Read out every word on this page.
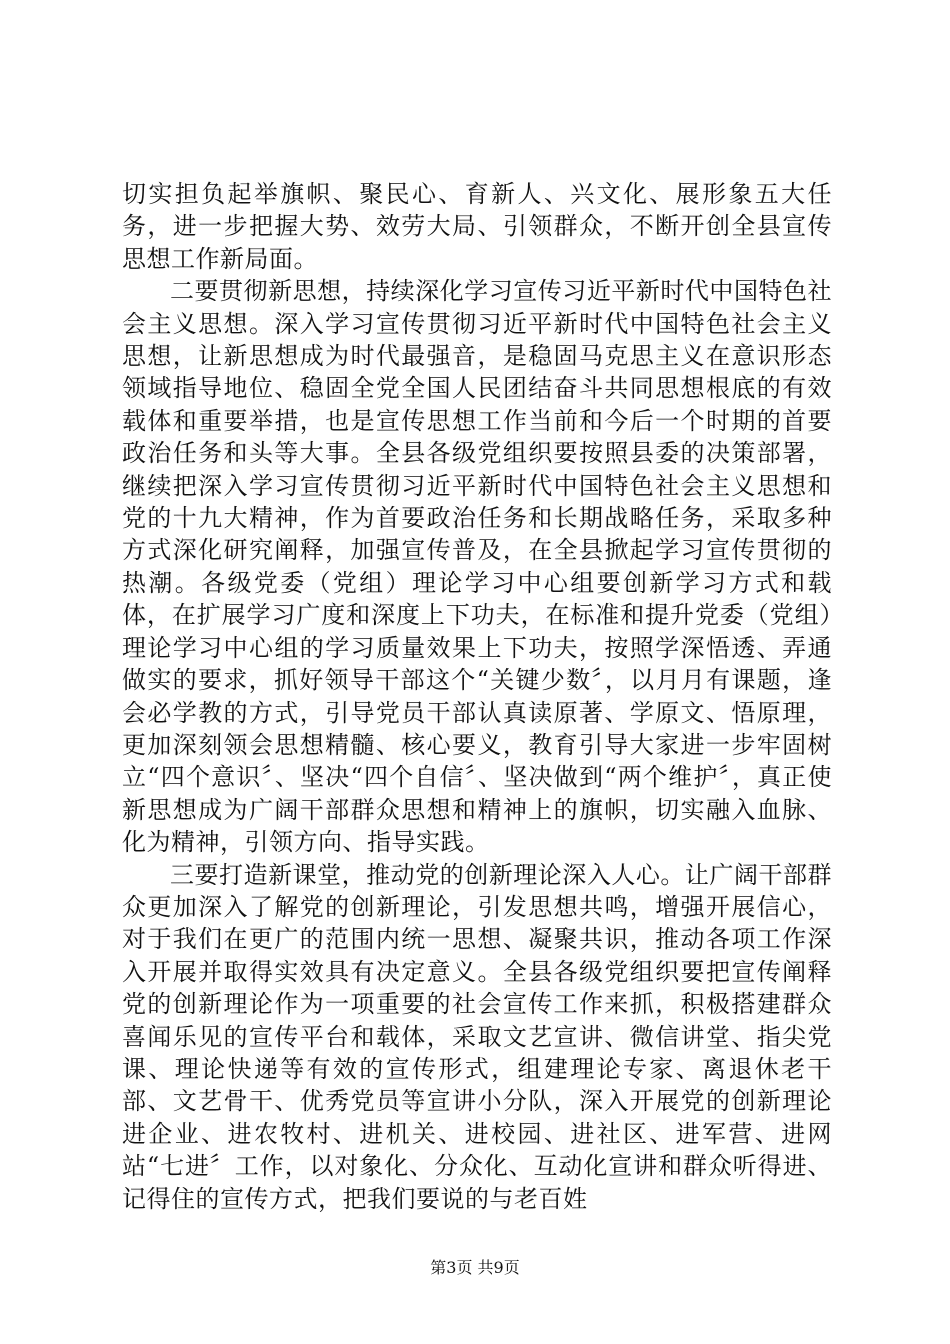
切实担负起举旗帜、聚民心、育新人、兴文化、展形象五大任务，进一步把握大势、效劳大局、引领群众，不断开创全县宣传思想工作新局面。

二要贯彻新思想，持续深化学习宣传习近平新时代中国特色社会主义思想。深入学习宣传贯彻习近平新时代中国特色社会主义思想，让新思想成为时代最强音，是稳固马克思主义在意识形态领域指导地位、稳固全党全国人民团结奋斗共同思想根底的有效载体和重要举措，也是宣传思想工作当前和今后一个时期的首要政治任务和头等大事。全县各级党组织要按照县委的决策部署，继续把深入学习宣传贯彻习近平新时代中国特色社会主义思想和党的十九大精神，作为首要政治任务和长期战略任务，采取多种方式深化研究阐释，加强宣传普及，在全县掀起学习宣传贯彻的热潮。各级党委（党组）理论学习中心组要创新学习方式和载体，在扩展学习广度和深度上下功夫，在标准和提升党委（党组）理论学习中心组的学习质量效果上下功夫，按照学深悟透、弄通做实的要求，抓好领导干部这个“关键少数〞，以月月有课题，逢会必学教的方式，引导党员干部认真读原著、学原文、悟原理，更加深刻领会思想精髓、核心要义，教育引导大家进一步牢固树立“四个意识〞、坚决“四个自信〞、坚决做到“两个维护〞，真正使新思想成为广阔干部群众思想和精神上的旗帜，切实融入血脉、化为精神，引领方向、指导实践。

三要打造新课堂，推动党的创新理论深入人心。让广阔干部群众更加深入了解党的创新理论，引发思想共鸣，增强开展信心，对于我们在更广的范围内统一思想、凝聚共识，推动各项工作深入开展并取得实效具有决定意义。全县各级党组织要把宣传阐释党的创新理论作为一项重要的社会宣传工作来抓，积极搭建群众喜闻乐见的宣传平台和载体，采取文艺宣讲、微信讲堂、指尖党课、理论快递等有效的宣传形式，组建理论专家、离退休老干部、文艺骨干、优秀党员等宣讲小分队，深入开展党的创新理论进企业、进农牧村、进机关、进校园、进社区、进军营、进网站“七进〞工作，以对象化、分众化、互动化宣讲和群众听得进、记得住的宣传方式，把我们要说的与老百姓

第3页 共9页
